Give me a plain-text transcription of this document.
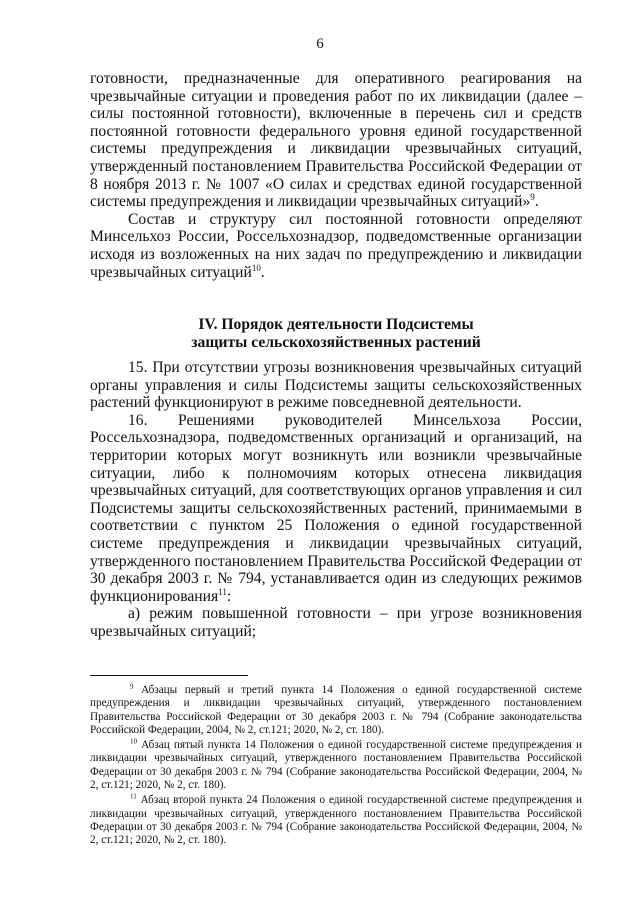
6

готовности, предназначенные для оперативного реагирования на чрезвычайные ситуации и проведения работ по их ликвидации (далее – силы постоянной готовности), включенные в перечень сил и средств постоянной готовности федерального уровня единой государственной системы предупреждения и ликвидации чрезвычайных ситуаций, утвержденный постановлением Правительства Российской Федерации от 8 ноября 2013 г. № 1007 «О силах и средствах единой государственной системы предупреждения и ликвидации чрезвычайных ситуаций»$^9$.

Состав и структуру сил постоянной готовности определяют Минсельхоз России, Россельхознадзор, подведомственные организации исходя из возложенных на них задач по предупреждению и ликвидации чрезвычайных ситуаций$^{10}$.

IV. Порядок деятельности Подсистемы
защиты сельскохозяйственных растений

15. При отсутствии угрозы возникновения чрезвычайных ситуаций органы управления и силы Подсистемы защиты сельскохозяйственных растений функционируют в режиме повседневной деятельности.

16. Решениями руководителей Минсельхоза России, Россельхознадзора, подведомственных организаций и организаций, на территории которых могут возникнуть или возникли чрезвычайные ситуации, либо к полномочиям которых отнесена ликвидация чрезвычайных ситуаций, для соответствующих органов управления и сил Подсистемы защиты сельскохозяйственных растений, принимаемыми в соответствии с пунктом 25 Положения о единой государственной системе предупреждения и ликвидации чрезвычайных ситуаций, утвержденного постановлением Правительства Российской Федерации от 30 декабря 2003 г. № 794, устанавливается один из следующих режимов функционирования$^{11}$:

а) режим повышенной готовности – при угрозе возникновения чрезвычайных ситуаций;

$^9$ Абзацы первый и третий пункта 14 Положения о единой государственной системе предупреждения и ликвидации чрезвычайных ситуаций, утвержденного постановлением Правительства Российской Федерации от 30 декабря 2003 г. № 794 (Собрание законодательства Российской Федерации, 2004, № 2, ст.121; 2020, № 2, ст. 180).

$^{10}$ Абзац пятый пункта 14 Положения о единой государственной системе предупреждения и ликвидации чрезвычайных ситуаций, утвержденного постановлением Правительства Российской Федерации от 30 декабря 2003 г. № 794 (Собрание законодательства Российской Федерации, 2004, № 2, ст.121; 2020, № 2, ст. 180).

$^{11}$ Абзац второй пункта 24 Положения о единой государственной системе предупреждения и ликвидации чрезвычайных ситуаций, утвержденного постановлением Правительства Российской Федерации от 30 декабря 2003 г. № 794 (Собрание законодательства Российской Федерации, 2004, № 2, ст.121; 2020, № 2, ст. 180).
